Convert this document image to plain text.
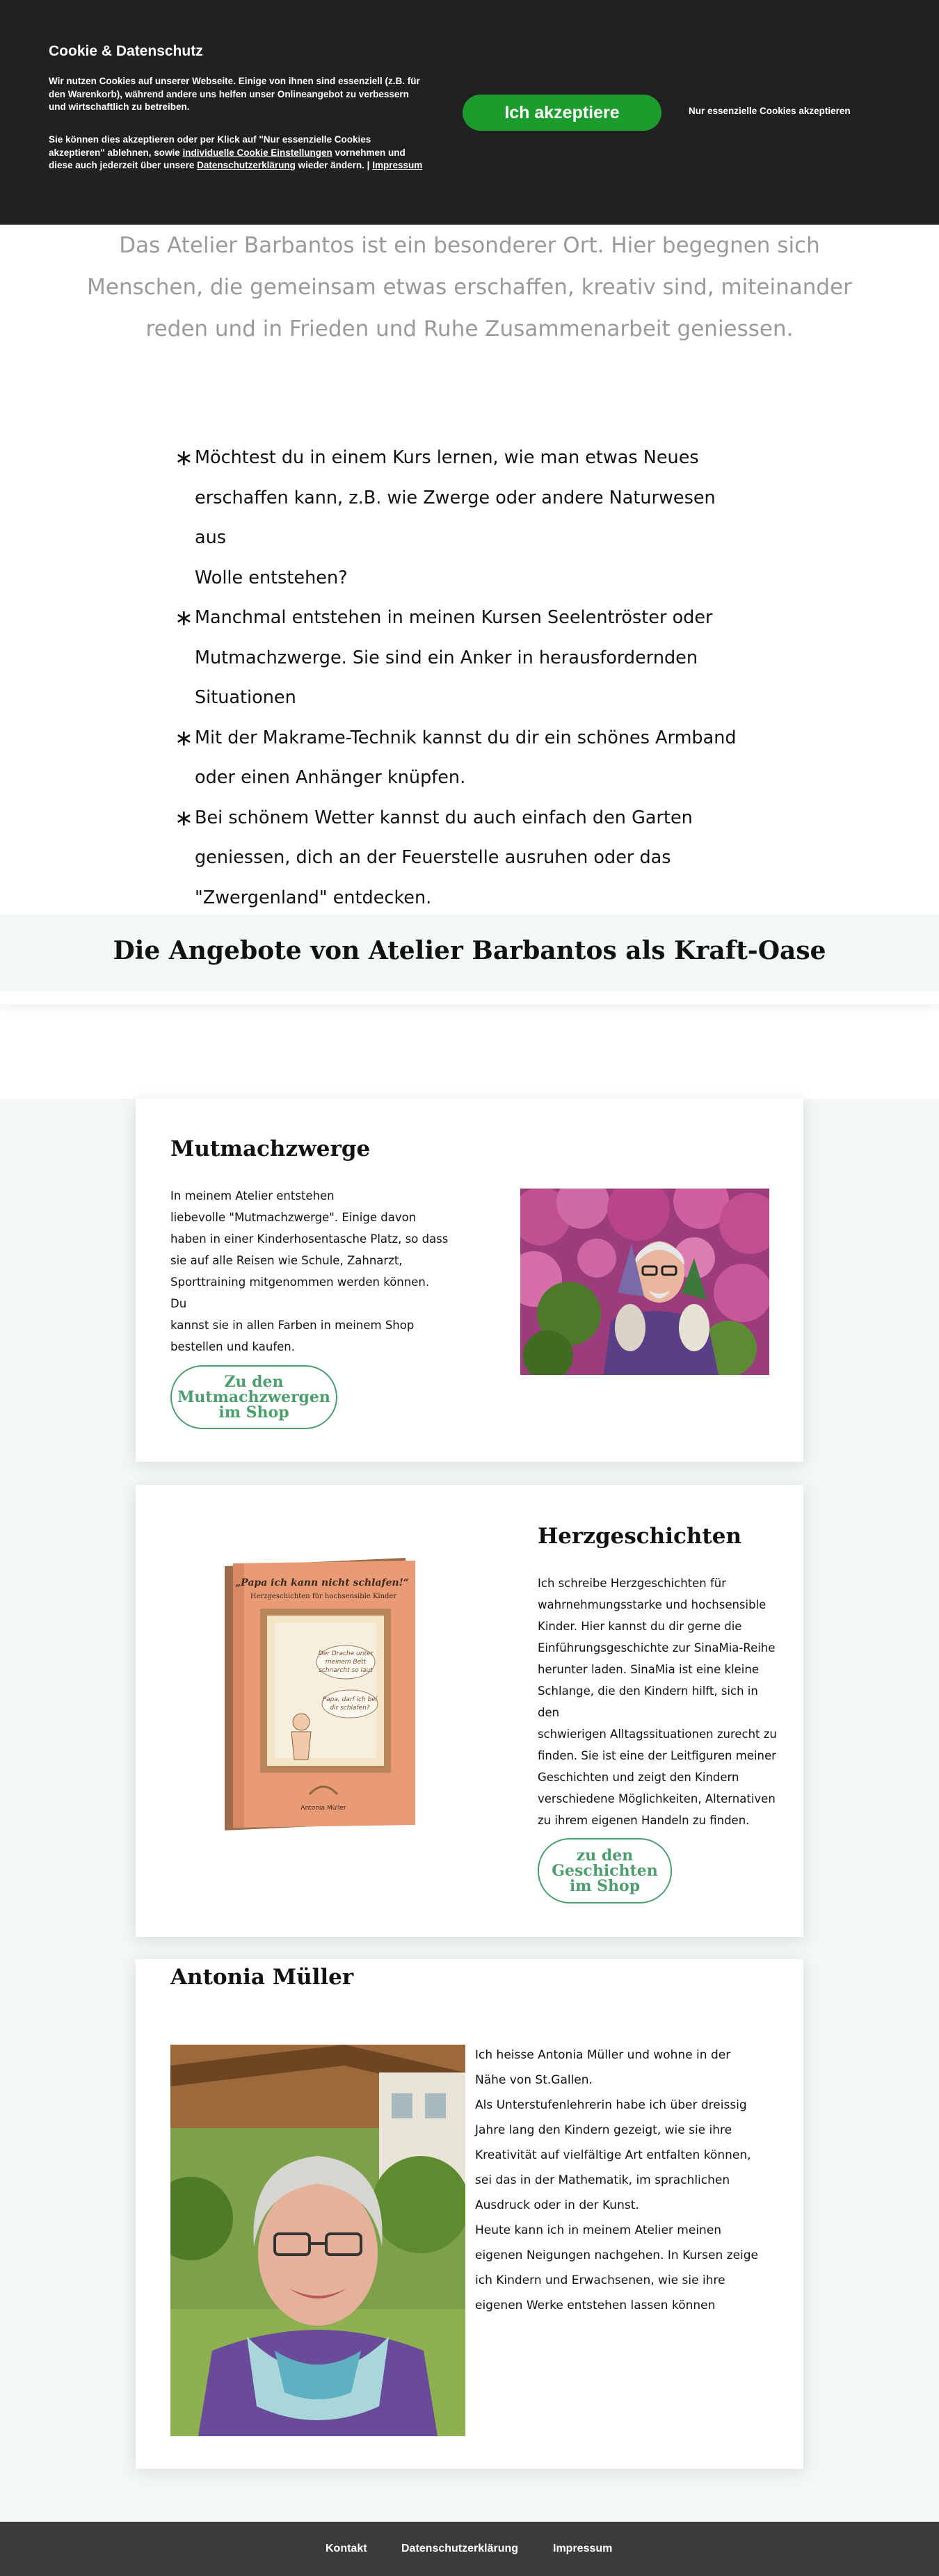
Cookie & Datenschutz
Wir nutzen Cookies auf unserer Webseite. Einige von ihnen sind essenziell (z.B. für den Warenkorb), während andere uns helfen unser Onlineangebot zu verbessern und wirtschaftlich zu betreiben.
Sie können dies akzeptieren oder per Klick auf "Nur essenzielle Cookies akzeptieren" ablehnen, sowie individuelle Cookie Einstellungen vornehmen und diese auch jederzeit über unsere Datenschutzerklärung wieder ändern. | Impressum
Ich akzeptiere	Nur essenzielle Cookies akzeptieren
Das Atelier Barbantos ist ein besonderer Ort. Hier begegnen sich
Menschen, die gemeinsam etwas erschaffen, kreativ sind, miteinander
reden und in Frieden und Ruhe Zusammenarbeit geniessen.
∗ Möchtest du in einem Kurs lernen, wie man etwas Neues
erschaffen kann, z.B. wie Zwerge oder andere Naturwesen aus
Wolle entstehen?
∗ Manchmal entstehen in meinen Kursen Seelentröster oder
Mutmachzwerge. Sie sind ein Anker in herausfordernden
Situationen
∗ Mit der Makrame-Technik kannst du dir ein schönes Armband
oder einen Anhänger knüpfen.
∗ Bei schönem Wetter kannst du auch einfach den Garten
geniessen, dich an der Feuerstelle ausruhen oder das
"Zwergenland" entdecken.
Die Angebote von Atelier Barbantos als Kraft-Oase
Mutmachzwerge

In meinem Atelier entstehen

liebevolle "Mutmachzwerge". Einige davon

haben in einer Kinderhosentasche Platz, so dass

sie auf alle Reisen wie Schule, Zahnarzt,

Sporttraining mitgenommen werden können. Du

kannst sie in allen Farben in meinem Shop

bestellen und kaufen.

Zu den
Mutmachzwergen
im Shop
„Papa ich kann nicht schlafen!“
Herzgeschichten für hochsensible Kinder
Der Drache unter
meinem Bett
schnarcht so laut
Papa, darf ich bei
dir schlafen?
Antonia Müller
Herzgeschichten

Ich schreibe Herzgeschichten für

wahrnehmungsstarke und hochsensible

Kinder. Hier kannst du dir gerne die

Einführungsgeschichte zur SinaMia-Reihe

herunter laden. SinaMia ist eine kleine

Schlange, die den Kindern hilft, sich in den

schwierigen Alltagssituationen zurecht zu

finden. Sie ist eine der Leitfiguren meiner

Geschichten und zeigt den Kindern

verschiedene Möglichkeiten, Alternativen

zu ihrem eigenen Handeln zu finden.

zu den
Geschichten
im Shop
Antonia Müller

Ich heisse Antonia Müller und wohne in der

Nähe von St.Gallen.

Als Unterstufenlehrerin habe ich über dreissig

Jahre lang den Kindern gezeigt, wie sie ihre

Kreativität auf vielfältige Art entfalten können,

sei das in der Mathematik, im sprachlichen

Ausdruck oder in der Kunst.

Heute kann ich in meinem Atelier meinen

eigenen Neigungen nachgehen. In Kursen zeige

ich Kindern und Erwachsenen, wie sie ihre

eigenen Werke entstehen lassen können

Kontakt	Datenschutzerklärung	Impressum
